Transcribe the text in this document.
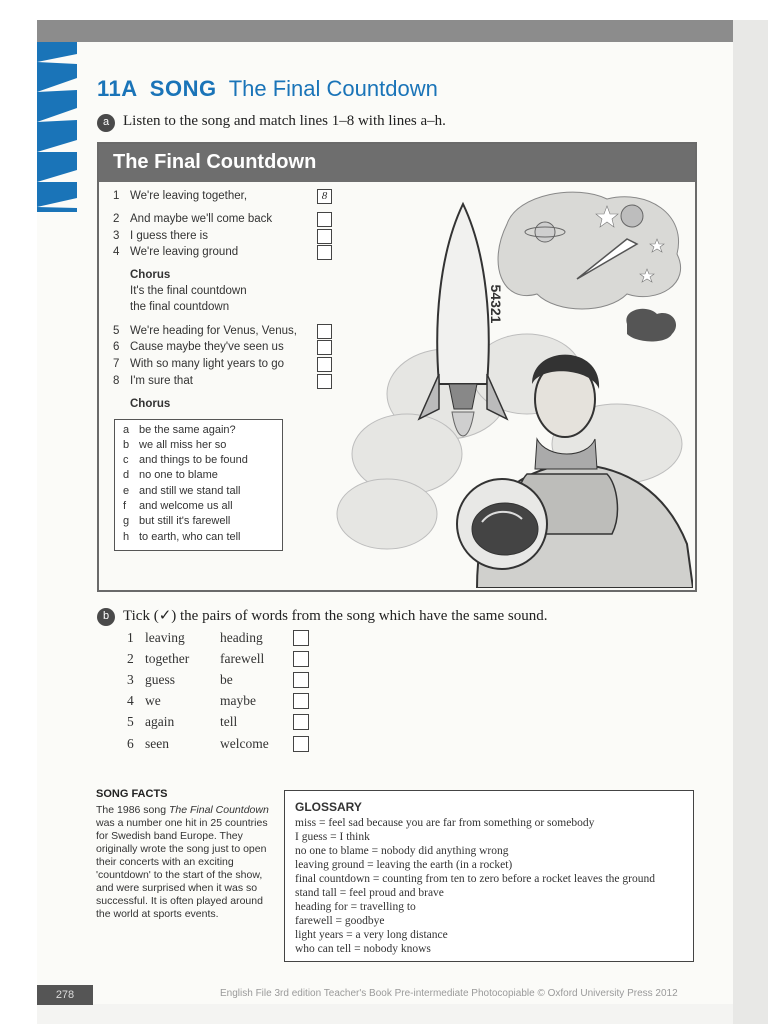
11A SONG The Final Countdown
a Listen to the song and match lines 1–8 with lines a–h.
The Final Countdown
1 We're leaving together,	8
2 And maybe we'll come back
3 I guess there is
4 We're leaving ground
Chorus
It's the final countdown
the final countdown
5 We're heading for Venus, Venus,
6 Cause maybe they've seen us
7 With so many light years to go
8 I'm sure that
Chorus
a be the same again?
b we all miss her so
c and things to be found
d no one to blame
e and still we stand tall
f and welcome us all
g but still it's farewell
h to earth, who can tell
54321
b Tick (✓) the pairs of words from the song which have the same sound.
1 leaving	heading
2 together farewell
3 guess	be
4 we	maybe
5 again	tell
6 seen	welcome
SONG FACTS
The 1986 song The Final Countdown was a number one hit in 25 countries for Swedish band Europe. They originally wrote the song just to open their concerts with an exciting 'countdown' to the start of the show, and were surprised when it was so successful. It is often played around the world at sports events.
GLOSSARY
miss = feel sad because you are far from something or somebody
I guess = I think
no one to blame = nobody did anything wrong
leaving ground = leaving the earth (in a rocket)
final countdown = counting from ten to zero before a rocket leaves the ground
stand tall = feel proud and brave
heading for = travelling to
farewell = goodbye
light years = a very long distance
who can tell = nobody knows
278	English File 3rd edition Teacher's Book Pre-intermediate Photocopiable © Oxford University Press 2012
